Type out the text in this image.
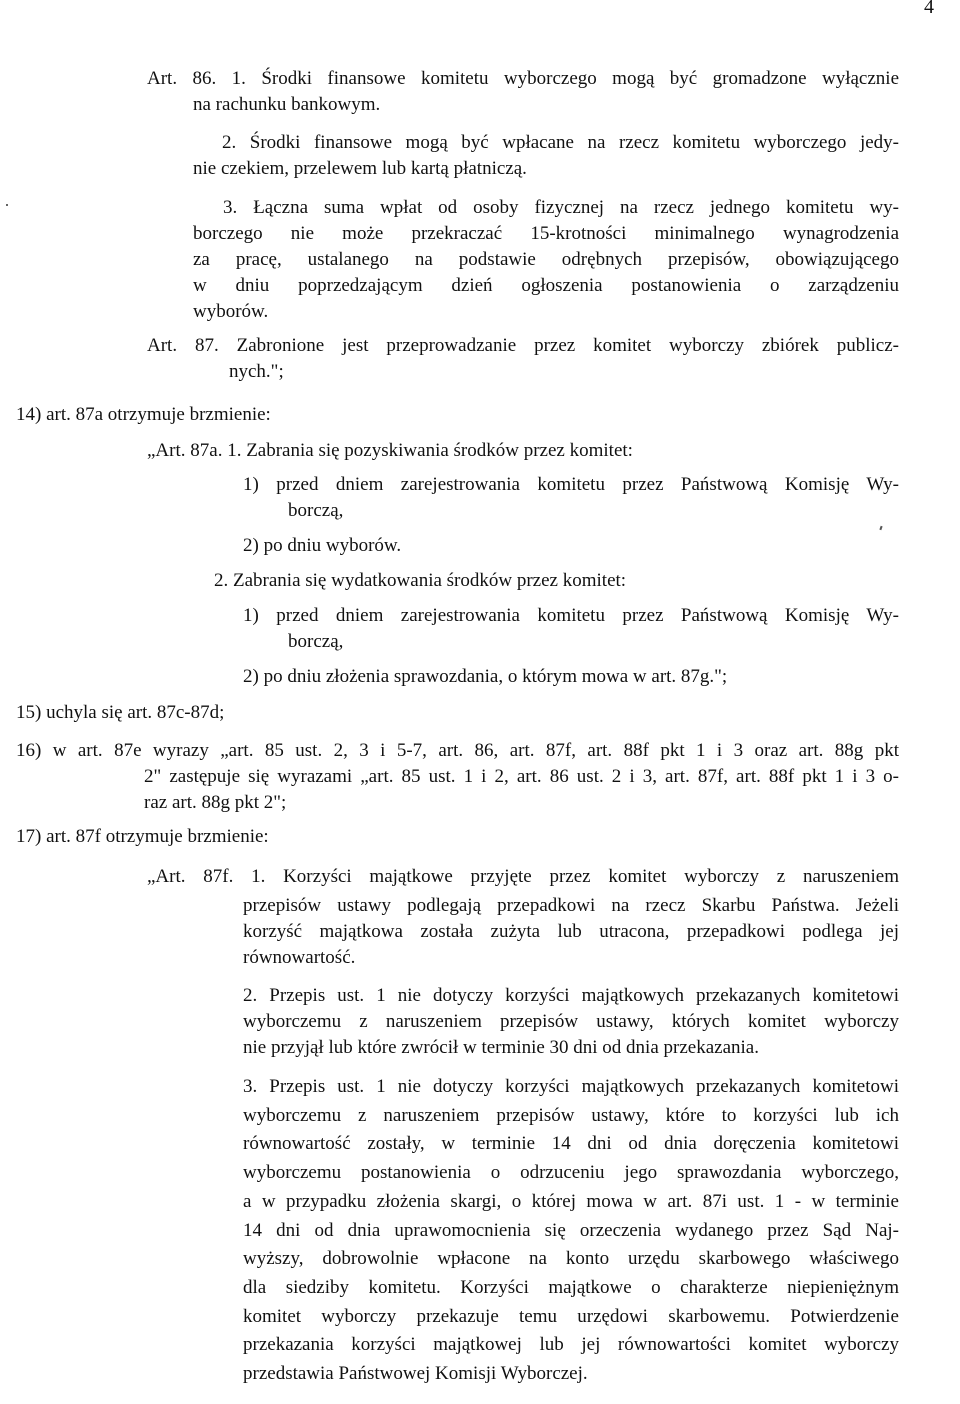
4
Art. 86. 1. Środki finansowe komitetu wyborczego mogą być gromadzone wyłącznie
na rachunku bankowym.
2. Środki finansowe mogą być wpłacane na rzecz komitetu wyborczego jedy-
nie czekiem, przelewem lub kartą płatniczą.
3. Łączna suma wpłat od osoby fizycznej na rzecz jednego komitetu wy-
borczego nie może przekraczać 15-krotności minimalnego wynagrodzenia
za pracę, ustalanego na podstawie odrębnych przepisów, obowiązującego
w dniu poprzedzającym dzień ogłoszenia postanowienia o zarządzeniu
wyborów.
Art. 87. Zabronione jest przeprowadzanie przez komitet wyborczy zbiórek publicz-
nych.";
14) art. 87a otrzymuje brzmienie:
„Art. 87a. 1. Zabrania się pozyskiwania środków przez komitet:
1) przed dniem zarejestrowania komitetu przez Państwową Komisję Wy-
borczą,
2) po dniu wyborów.
2. Zabrania się wydatkowania środków przez komitet:
1) przed dniem zarejestrowania komitetu przez Państwową Komisję Wy-
borczą,
2) po dniu złożenia sprawozdania, o którym mowa w art. 87g.";
15) uchyla się art. 87c-87d;
16) w art. 87e wyrazy „art. 85 ust. 2, 3 i 5-7, art. 86, art. 87f, art. 88f pkt 1 i 3 oraz art. 88g pkt
2" zastępuje się wyrazami „art. 85 ust. 1 i 2, art. 86 ust. 2 i 3, art. 87f, art. 88f pkt 1 i 3 o-
raz art. 88g pkt 2";
17) art. 87f otrzymuje brzmienie:
„Art. 87f. 1. Korzyści majątkowe przyjęte przez komitet wyborczy z naruszeniem
przepisów ustawy podlegają przepadkowi na rzecz Skarbu Państwa. Jeżeli
korzyść majątkowa została zużyta lub utracona, przepadkowi podlega jej
równowartość.
2. Przepis ust. 1 nie dotyczy korzyści majątkowych przekazanych komitetowi
wyborczemu z naruszeniem przepisów ustawy, których komitet wyborczy
nie przyjął lub które zwrócił w terminie 30 dni od dnia przekazania.
3. Przepis ust. 1 nie dotyczy korzyści majątkowych przekazanych komitetowi
wyborczemu z naruszeniem przepisów ustawy, które to korzyści lub ich
równowartość zostały, w terminie 14 dni od dnia doręczenia komitetowi
wyborczemu postanowienia o odrzuceniu jego sprawozdania wyborczego,
a w przypadku złożenia skargi, o której mowa w art. 87i ust. 1 - w terminie
14 dni od dnia uprawomocnienia się orzeczenia wydanego przez Sąd Naj-
wyższy, dobrowolnie wpłacone na konto urzędu skarbowego właściwego
dla siedziby komitetu. Korzyści majątkowe o charakterze niepieniężnym
komitet wyborczy przekazuje temu urzędowi skarbowemu. Potwierdzenie
przekazania korzyści majątkowej lub jej równowartości komitet wyborczy
przedstawia Państwowej Komisji Wyborczej.
